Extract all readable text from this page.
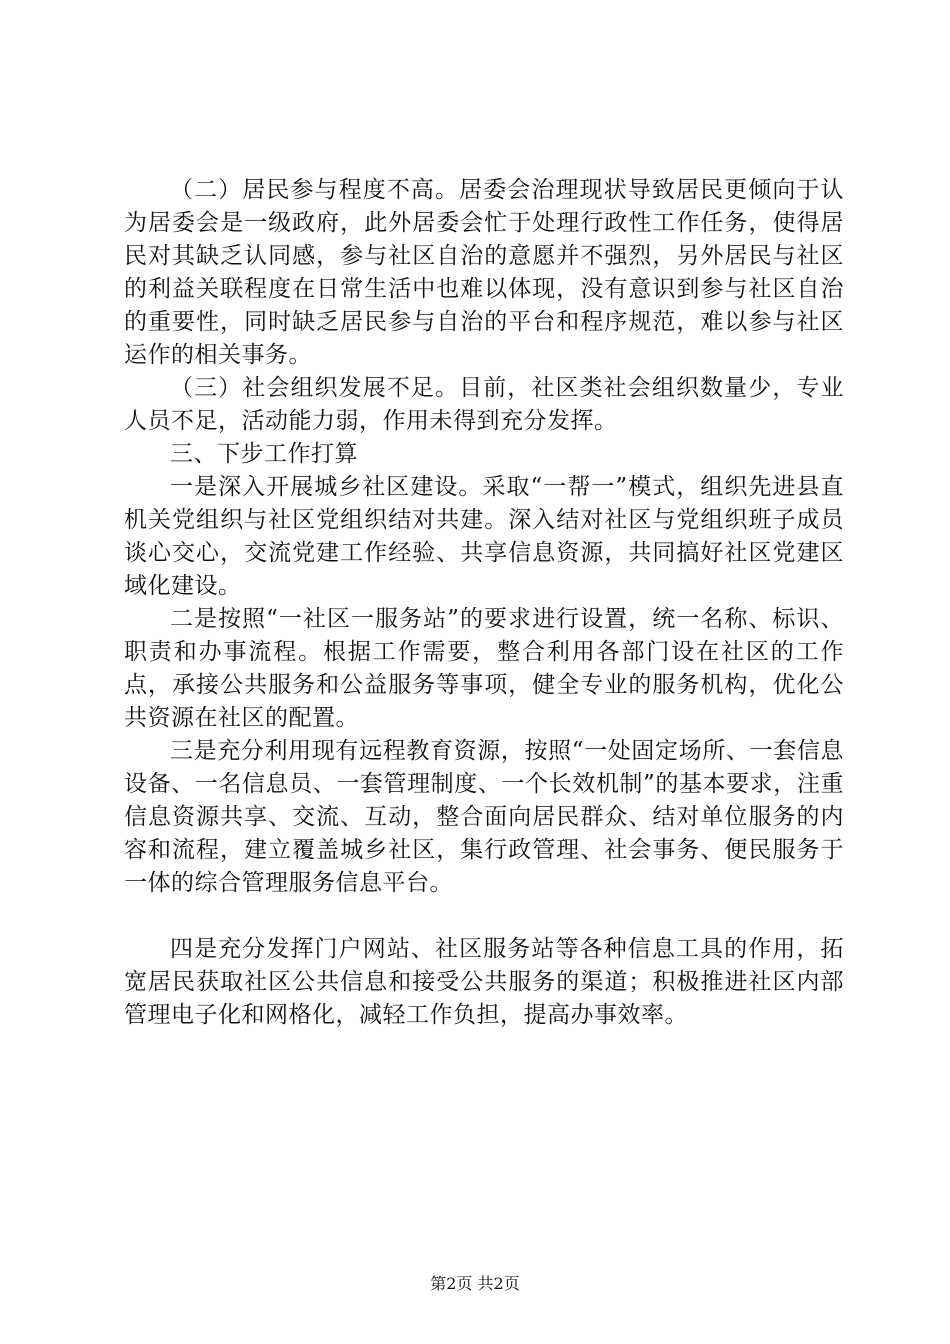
（二）居民参与程度不高。居委会治理现状导致居民更倾向于认为居委会是一级政府，此外居委会忙于处理行政性工作任务，使得居民对其缺乏认同感，参与社区自治的意愿并不强烈，另外居民与社区的利益关联程度在日常生活中也难以体现，没有意识到参与社区自治的重要性，同时缺乏居民参与自治的平台和程序规范，难以参与社区运作的相关事务。

（三）社会组织发展不足。目前，社区类社会组织数量少，专业人员不足，活动能力弱，作用未得到充分发挥。

三、下步工作打算

一是深入开展城乡社区建设。采取“一帮一”模式，组织先进县直机关党组织与社区党组织结对共建。深入结对社区与党组织班子成员谈心交心，交流党建工作经验、共享信息资源，共同搞好社区党建区域化建设。

二是按照“一社区一服务站”的要求进行设置，统一名称、标识、职责和办事流程。根据工作需要，整合利用各部门设在社区的工作点，承接公共服务和公益服务等事项，健全专业的服务机构，优化公共资源在社区的配置。

三是充分利用现有远程教育资源，按照“一处固定场所、一套信息设备、一名信息员、一套管理制度、一个长效机制”的基本要求，注重信息资源共享、交流、互动，整合面向居民群众、结对单位服务的内容和流程，建立覆盖城乡社区，集行政管理、社会事务、便民服务于一体的综合管理服务信息平台。

四是充分发挥门户网站、社区服务站等各种信息工具的作用，拓宽居民获取社区公共信息和接受公共服务的渠道；积极推进社区内部管理电子化和网格化，减轻工作负担，提高办事效率。

第2页 共2页
